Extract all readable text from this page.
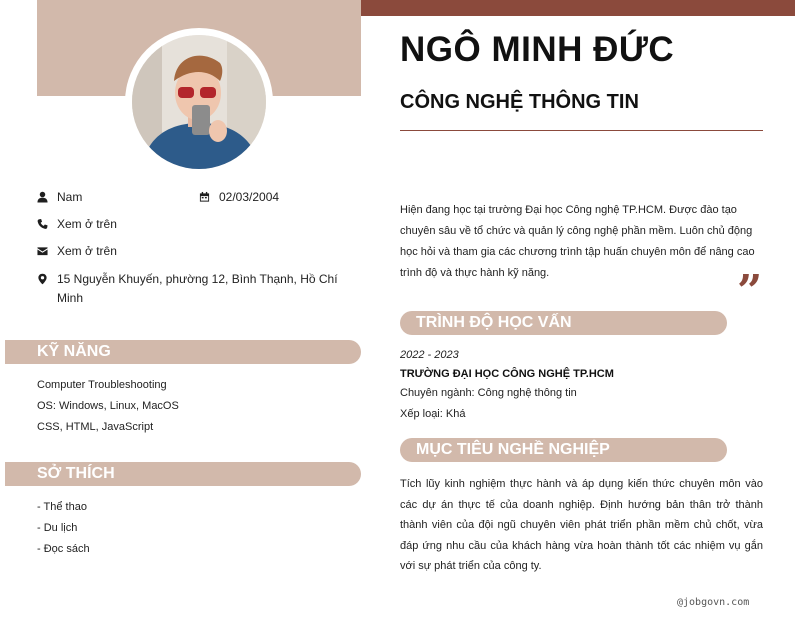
NGÔ MINH ĐỨC
CÔNG NGHỆ THÔNG TIN
Nam	02/03/2004
Xem ở trên
Xem ở trên
15 Nguyễn Khuyến, phường 12, Bình Thạnh, Hồ Chí Minh
KỸ NĂNG
Computer Troubleshooting
OS: Windows, Linux, MacOS
CSS, HTML, JavaScript
SỞ THÍCH
- Thể thao
- Du lịch
- Đọc sách
Hiện đang học tại trường Đại học Công nghệ TP.HCM. Được đào tạo chuyên sâu về tổ chức và quản lý công nghệ phần mềm. Luôn chủ động học hỏi và tham gia các chương trình tập huấn chuyên môn để nâng cao trình độ và thực hành kỹ năng.	”
TRÌNH ĐỘ HỌC VẤN
2022 - 2023
TRƯỜNG ĐẠI HỌC CÔNG NGHỆ TP.HCM
Chuyên ngành: Công nghệ thông tin
Xếp loại: Khá
MỤC TIÊU NGHỀ NGHIỆP
Tích lũy kinh nghiệm thực hành và áp dụng kiến thức chuyên môn vào các dự án thực tế của doanh nghiệp. Định hướng bản thân trở thành thành viên của đội ngũ chuyên viên phát triển phần mềm chủ chốt, vừa đáp ứng nhu cầu của khách hàng vừa hoàn thành tốt các nhiệm vụ gắn với sự phát triển của công ty.
@jobgovn.com
